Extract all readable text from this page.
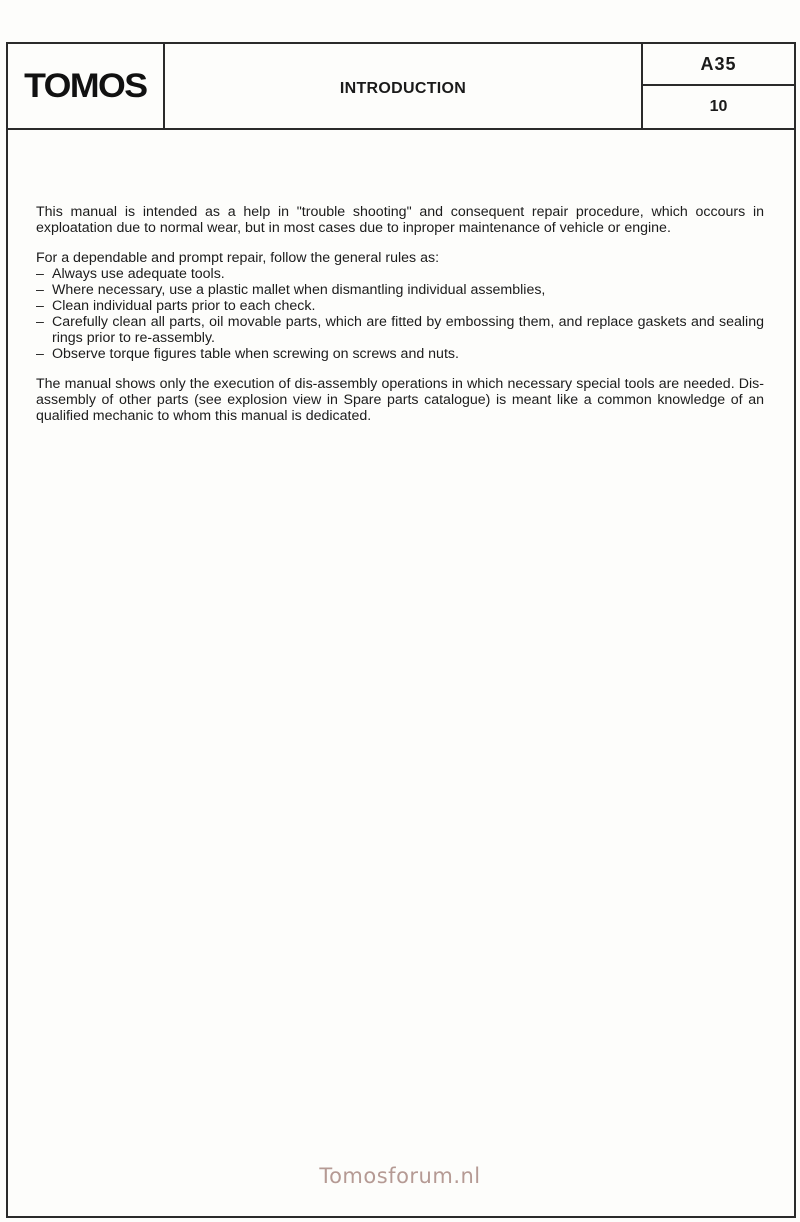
TOMOS	INTRODUCTION
A35
10

This manual is intended as a help in "trouble shooting" and consequent repair procedure, which occours in exploatation due to normal wear, but in most cases due to inproper maintenance of vehicle or engine.

For a dependable and prompt repair, follow the general rules as:

– Always use adequate tools.
– Where necessary, use a plastic mallet when dismantling individual assemblies,
– Clean individual parts prior to each check.
– Carefully clean all parts, oil movable parts, which are fitted by embossing them, and replace gaskets and sealing rings prior to re-assembly.
– Observe torque figures table when screwing on screws and nuts.

The manual shows only the execution of dis-assembly operations in which necessary special tools are needed. Dis-assembly of other parts (see explosion view in Spare parts catalogue) is meant like a common knowledge of an qualified mechanic to whom this manual is dedicated.

Tomosforum.nl
